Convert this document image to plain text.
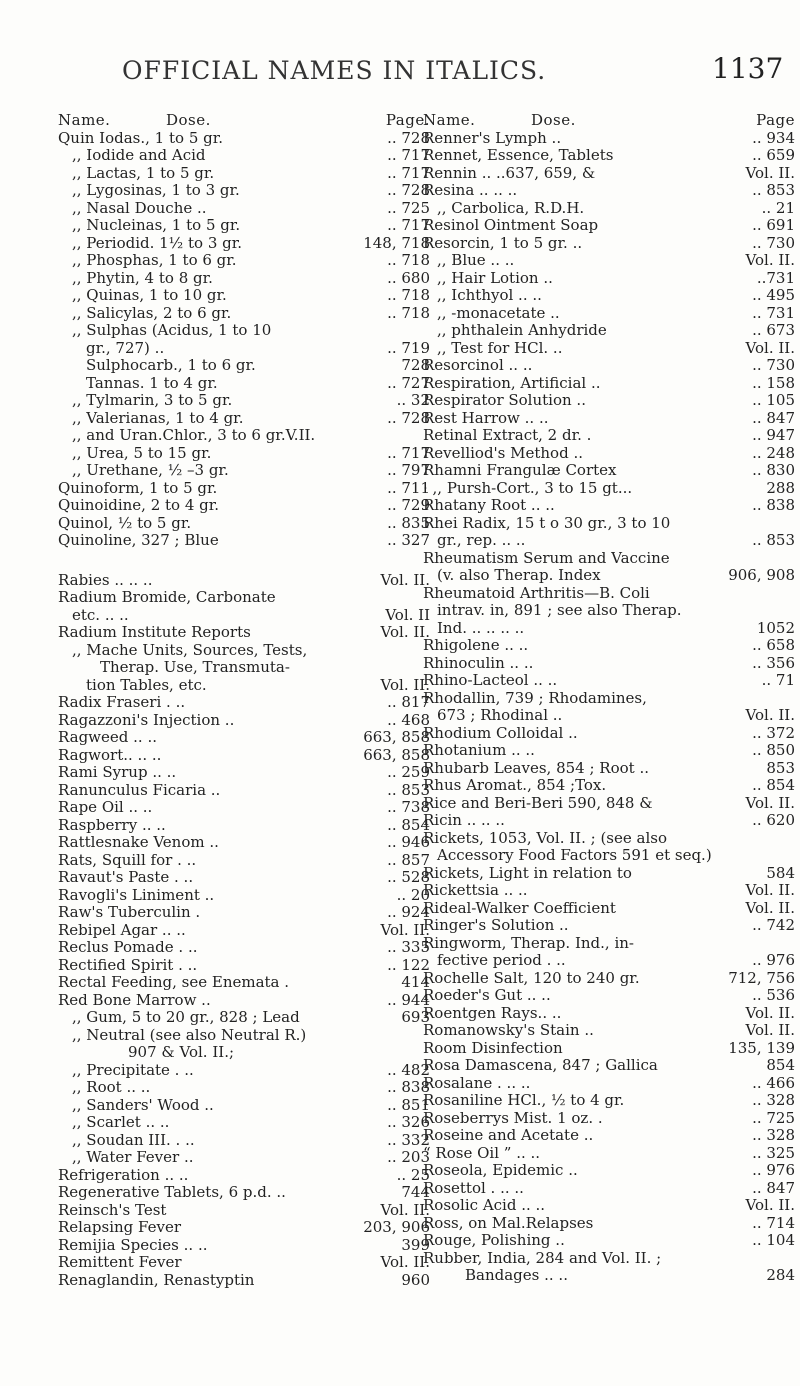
OFFICIAL NAMES IN ITALICS.	1137
Name.	Dose.	Page.
Quin Iodas., 1 to 5 gr.	.. 728
,, Iodide and Acid	.. 717
,, Lactas, 1 to 5 gr.	.. 717
,, Lygosinas, 1 to 3 gr.	.. 728
,, Nasal Douche ..	.. 725
,, Nucleinas, 1 to 5 gr.	.. 717
,, Periodid. 1½ to 3 gr.	148, 718
,, Phosphas, 1 to 6 gr.	.. 718
,, Phytin, 4 to 8 gr.	.. 680
,, Quinas, 1 to 10 gr.	.. 718
,, Salicylas, 2 to 6 gr.	.. 718
,, Sulphas (Acidus, 1 to 10
gr., 727) ..	.. 719
Sulphocarb., 1 to 6 gr.	728
Tannas. 1 to 4 gr.	.. 727
,, Tylmarin, 3 to 5 gr.	.. 32
,, Valerianas, 1 to 4 gr.	.. 728
,, and Uran.Chlor., 3 to 6 gr.V.II.
,, Urea, 5 to 15 gr.	.. 717
,, Urethane, ½ –3 gr.	.. 797
Quinoform, 1 to 5 gr.	.. 711
Quinoidine, 2 to 4 gr.	.. 729
Quinol, ½ to 5 gr.	.. 835
Quinoline, 327 ; Blue	.. 327
Rabies .. .. ..	Vol. II.
Radium Bromide, Carbonate
etc. .. ..	Vol. II
Radium Institute Reports	Vol. II.
,, Mache Units, Sources, Tests,
Therap. Use, Transmuta-
tion Tables, etc.	Vol. II.
Radix Fraseri . ..	.. 817
Ragazzoni's Injection ..	.. 468
Ragweed .. ..	663, 858
Ragwort.. .. ..	663, 858
Rami Syrup .. ..	.. 259
Ranunculus Ficaria ..	.. 853
Rape Oil .. ..	.. 738
Raspberry .. ..	.. 854
Rattlesnake Venom ..	.. 946
Rats, Squill for . ..	.. 857
Ravaut's Paste . ..	.. 528
Ravogli's Liniment ..	.. 20
Raw's Tuberculin .	.. 924
Rebipel Agar .. ..	Vol. II.
Reclus Pomade . ..	.. 335
Rectified Spirit . ..	.. 122
Rectal Feeding, see Enemata .	414
Red Bone Marrow ..	.. 944
,, Gum, 5 to 20 gr., 828 ; Lead	693
,, Neutral (see also Neutral R.)
907 & Vol. II.;
,, Precipitate . ..	.. 482
,, Root .. ..	.. 838
,, Sanders' Wood ..	.. 851
,, Scarlet .. ..	.. 326
,, Soudan III. . ..	.. 332
,, Water Fever ..	.. 203
Refrigeration .. ..	.. 25
Regenerative Tablets, 6 p.d. ..	744
Reinsch's Test	Vol. II.
Relapsing Fever	203, 906
Remijia Species .. ..	399
Remittent Fever	Vol. II.
Renaglandin, Renastyptin	960
Name.	Dose.	Page
Renner's Lymph ..	.. 934
Rennet, Essence, Tablets	.. 659
Rennin .. ..637, 659, &	Vol. II.
Resina .. .. ..	.. 853
,, Carbolica, R.D.H.	.. 21
Resinol Ointment Soap	.. 691
Resorcin, 1 to 5 gr. ..	.. 730
,, Blue .. ..	Vol. II.
,, Hair Lotion ..	..731
,, Ichthyol .. ..	.. 495
,, -monacetate ..	.. 731
,, phthalein Anhydride	.. 673
,, Test for HCl. ..	Vol. II.
Resorcinol .. ..	.. 730
Respiration, Artificial ..	.. 158
Respirator Solution ..	.. 105
Rest Harrow .. ..	.. 847
Retinal Extract, 2 dr. .	.. 947
Revelliod's Method ..	.. 248
Rhamni Frangulæ Cortex	.. 830
· ,, Pursh-Cort., 3 to 15 gt...	288
Rhatany Root .. ..	.. 838
Rhei Radix, 15 t o 30 gr., 3 to 10
gr., rep. .. ..	.. 853
Rheumatism Serum and Vaccine
(v. also Therap. Index	906, 908
Rheumatoid Arthritis—B. Coli
intrav. in, 891 ; see also Therap.
Ind. .. .. .. ..	1052
Rhigolene .. ..	.. 658
Rhinoculin .. ..	.. 356
Rhino-Lacteol .. ..	.. 71
Rhodallin, 739 ; Rhodamines,
673 ; Rhodinal ..	Vol. II.
Rhodium Colloidal ..	.. 372
Rhotanium .. ..	.. 850
Rhubarb Leaves, 854 ; Root ..	853
Rhus Aromat., 854 ;Tox.	.. 854
Rice and Beri-Beri 590, 848 &	Vol. II.
Ricin .. .. ..	.. 620
Rickets, 1053, Vol. II. ; (see also
Accessory Food Factors 591 et seq.)
Rickets, Light in relation to	584
Rickettsia .. ..	Vol. II.
Rideal-Walker Coefficient	Vol. II.
Ringer's Solution ..	.. 742
Ringworm, Therap. Ind., in-
fective period . ..	.. 976
Rochelle Salt, 120 to 240 gr.	712, 756
Roeder's Gut .. ..	.. 536
Roentgen Rays.. ..	Vol. II.
Romanowsky's Stain ..	Vol. II.
Room Disinfection	135, 139
Rosa Damascena, 847 ; Gallica	854
Rosalane . .. ..	.. 466
Rosaniline HCl., ½ to 4 gr.	.. 328
Roseberrys Mist. 1 oz. .	.. 725
Roseine and Acetate ..	.. 328
“ Rose Oil ” .. ..	.. 325
Roseola, Epidemic ..	.. 976
Rosettol . .. ..	.. 847
Rosolic Acid .. ..	Vol. II.
Ross, on Mal.Relapses	.. 714
Rouge, Polishing ..	.. 104
Rubber, India, 284 and Vol. II. ;
Bandages .. ..	284
